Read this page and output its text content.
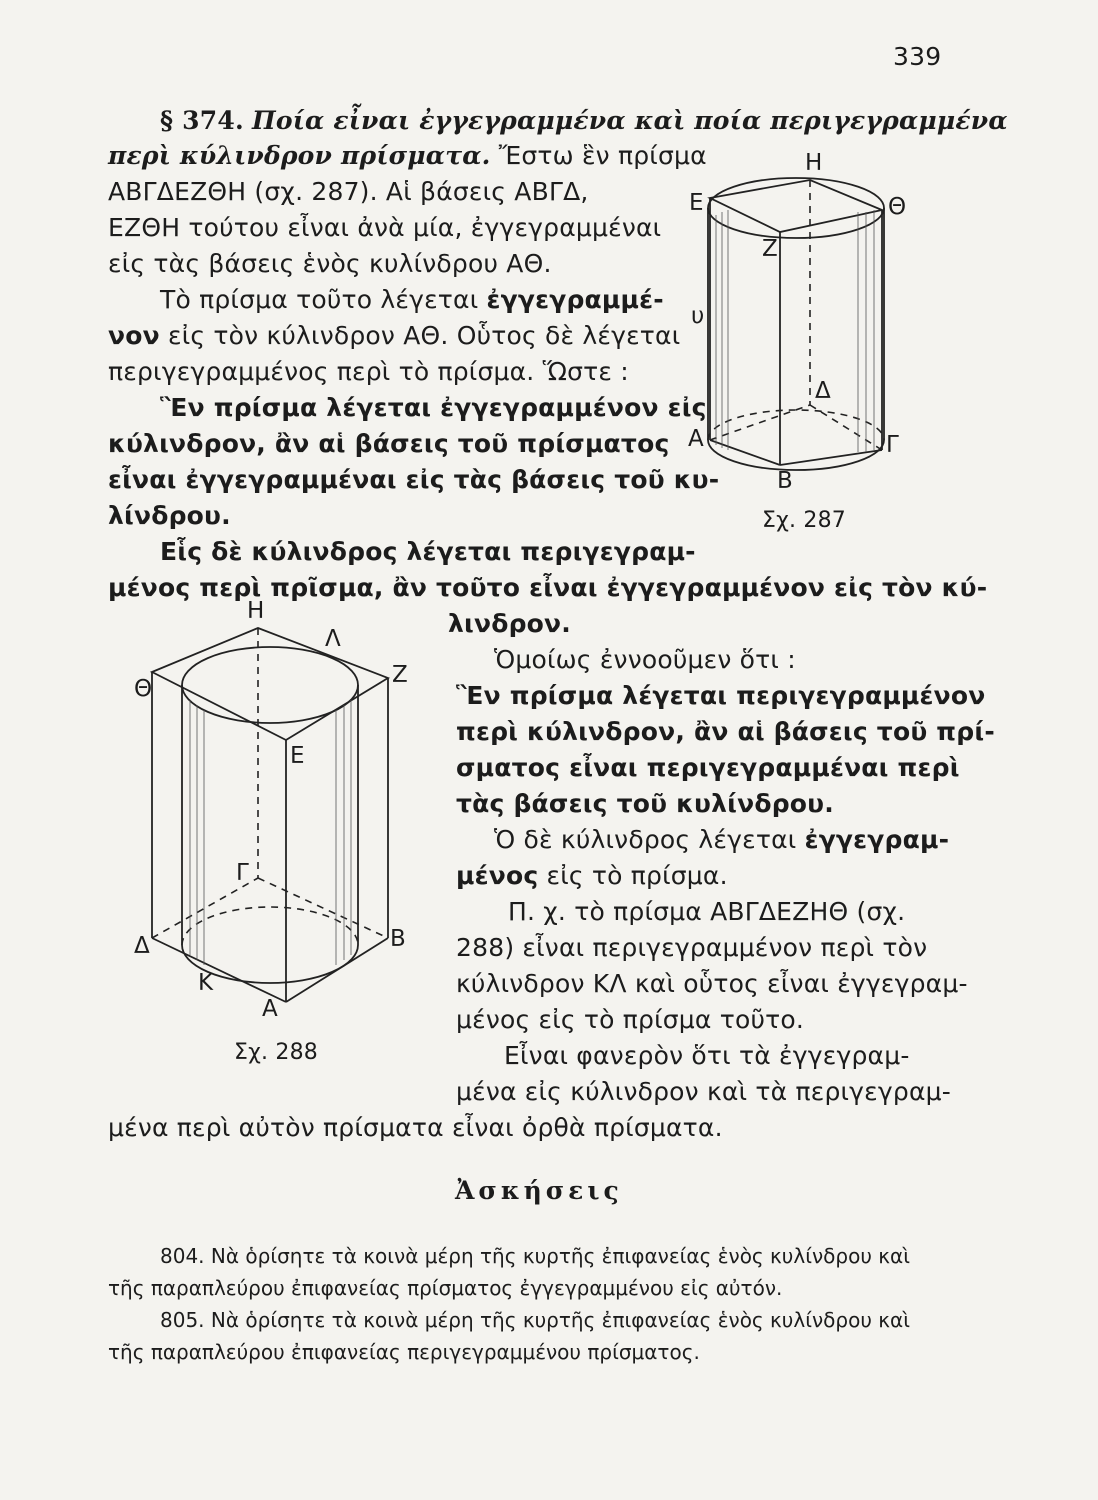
339
§ 374. Ποία εἶναι ἐγγεγραμμένα καὶ ποία περιγεγραμμένα
περὶ κύλινδρον πρίσματα. Ἔστω ἓν πρίσμα
ΑΒΓΔΕΖΘΗ (σχ. 287). Αἱ βάσεις ΑΒΓΔ,
ΕΖΘΗ τούτου εἶναι ἀνὰ μία, ἐγγεγραμμέναι
εἰς τὰς βάσεις ἑνὸς κυλίνδρου ΑΘ.
Τὸ πρίσμα τοῦτο λέγεται ἐγγεγραμμέ-
νον εἰς τὸν κύλινδρον ΑΘ. Οὗτος δὲ λέγεται
περιγεγραμμένος περὶ τὸ πρίσμα. Ὥστε :
Ἓν πρίσμα λέγεται ἐγγεγραμμένον εἰς
κύλινδρον, ἂν αἱ βάσεις τοῦ πρίσματος
εἶναι ἐγγεγραμμέναι εἰς τὰς βάσεις τοῦ κυ-
λίνδρου.
Εἷς δὲ κύλινδρος λέγεται περιγεγραμ-
μένος περὶ πρῖσμα, ἂν τοῦτο εἶναι ἐγγεγραμμένον εἰς τὸν κύ-
λινδρον.
Ὁμοίως ἐννοοῦμεν ὅτι :
Ἓν πρίσμα λέγεται περιγεγραμμένον
περὶ κύλινδρον, ἂν αἱ βάσεις τοῦ πρί-
σματος εἶναι περιγεγραμμέναι περὶ
τὰς βάσεις τοῦ κυλίνδρου.
Ὁ δὲ κύλινδρος λέγεται ἐγγεγραμ-
μένος εἰς τὸ πρίσμα.
Π. χ. τὸ πρίσμα ΑΒΓΔΕΖΗΘ (σχ.
288) εἶναι περιγεγραμμένον περὶ τὸν
κύλινδρον ΚΛ καὶ οὗτος εἶναι ἐγγεγραμ-
μένος εἰς τὸ πρίσμα τοῦτο.
Εἶναι φανερὸν ὅτι τὰ ἐγγεγραμ-
μένα εἰς κύλινδρον καὶ τὰ περιγεγραμ-
μένα περὶ αὐτὸν πρίσματα εἶναι ὀρθὰ πρίσματα.
Ἀσκήσεις
804. Νὰ ὁρίσητε τὰ κοινὰ μέρη τῆς κυρτῆς ἐπιφανείας ἑνὸς κυλίνδρου καὶ
τῆς παραπλεύρου ἐπιφανείας πρίσματος ἐγγεγραμμένου εἰς αὐτόν.
805. Νὰ ὁρίσητε τὰ κοινὰ μέρη τῆς κυρτῆς ἐπιφανείας ἑνὸς κυλίνδρου καὶ
τῆς παραπλεύρου ἐπιφανείας περιγεγραμμένου πρίσματος.
Η
Ε	Θ
Ζ
υ
Δ
Α	Γ
Β
Σχ. 287
Η
Λ
Θ
Ζ
Ε
Γ
Δ	Β
Κ
Α
Σχ. 288
